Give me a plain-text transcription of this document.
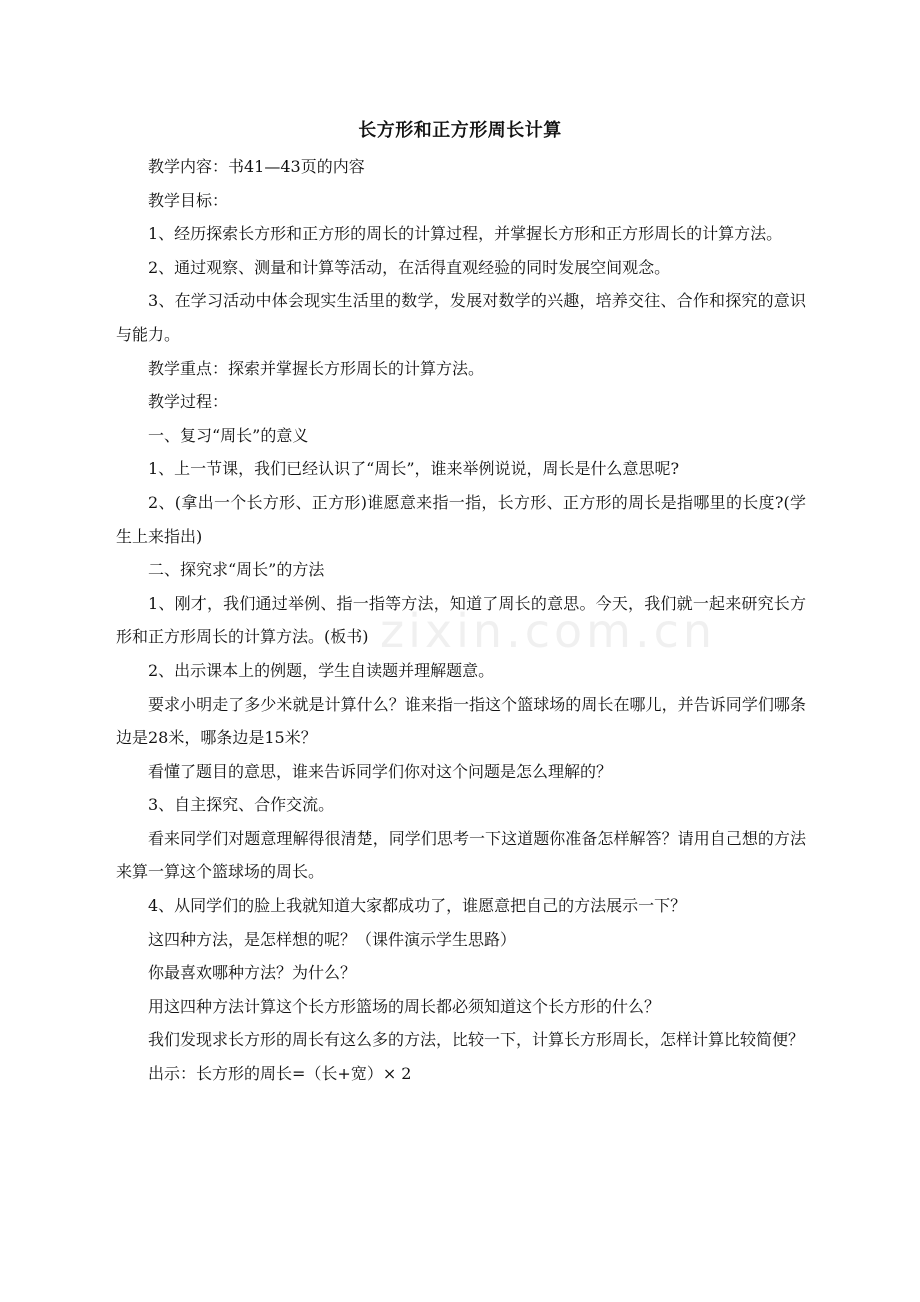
zixin.com.cn
长方形和正方形周长计算

教学内容：书41—43页的内容

教学目标：

1、经历探索长方形和正方形的周长的计算过程，并掌握长方形和正方形周长的计算方法。

2、通过观察、测量和计算等活动，在活得直观经验的同时发展空间观念。

3、在学习活动中体会现实生活里的数学，发展对数学的兴趣，培养交往、合作和探究的意识与能力。

教学重点：探索并掌握长方形周长的计算方法。

教学过程：

一、复习“周长”的意义

1、上一节课，我们已经认识了“周长”，谁来举例说说，周长是什么意思呢?

2、(拿出一个长方形、正方形)谁愿意来指一指，长方形、正方形的周长是指哪里的长度?(学生上来指出)

二、探究求“周长”的方法

1、刚才，我们通过举例、指一指等方法，知道了周长的意思。今天，我们就一起来研究长方形和正方形周长的计算方法。(板书)

2、出示课本上的例题，学生自读题并理解题意。

要求小明走了多少米就是计算什么？谁来指一指这个篮球场的周长在哪儿，并告诉同学们哪条边是28米，哪条边是15米？

看懂了题目的意思，谁来告诉同学们你对这个问题是怎么理解的？

3、自主探究、合作交流。

看来同学们对题意理解得很清楚，同学们思考一下这道题你准备怎样解答？请用自己想的方法来算一算这个篮球场的周长。

4、从同学们的脸上我就知道大家都成功了，谁愿意把自己的方法展示一下？

这四种方法，是怎样想的呢？（课件演示学生思路）

你最喜欢哪种方法？为什么？

用这四种方法计算这个长方形篮场的周长都必须知道这个长方形的什么？

我们发现求长方形的周长有这么多的方法，比较一下，计算长方形周长，怎样计算比较简便？

出示：长方形的周长=（长+宽）× 2
